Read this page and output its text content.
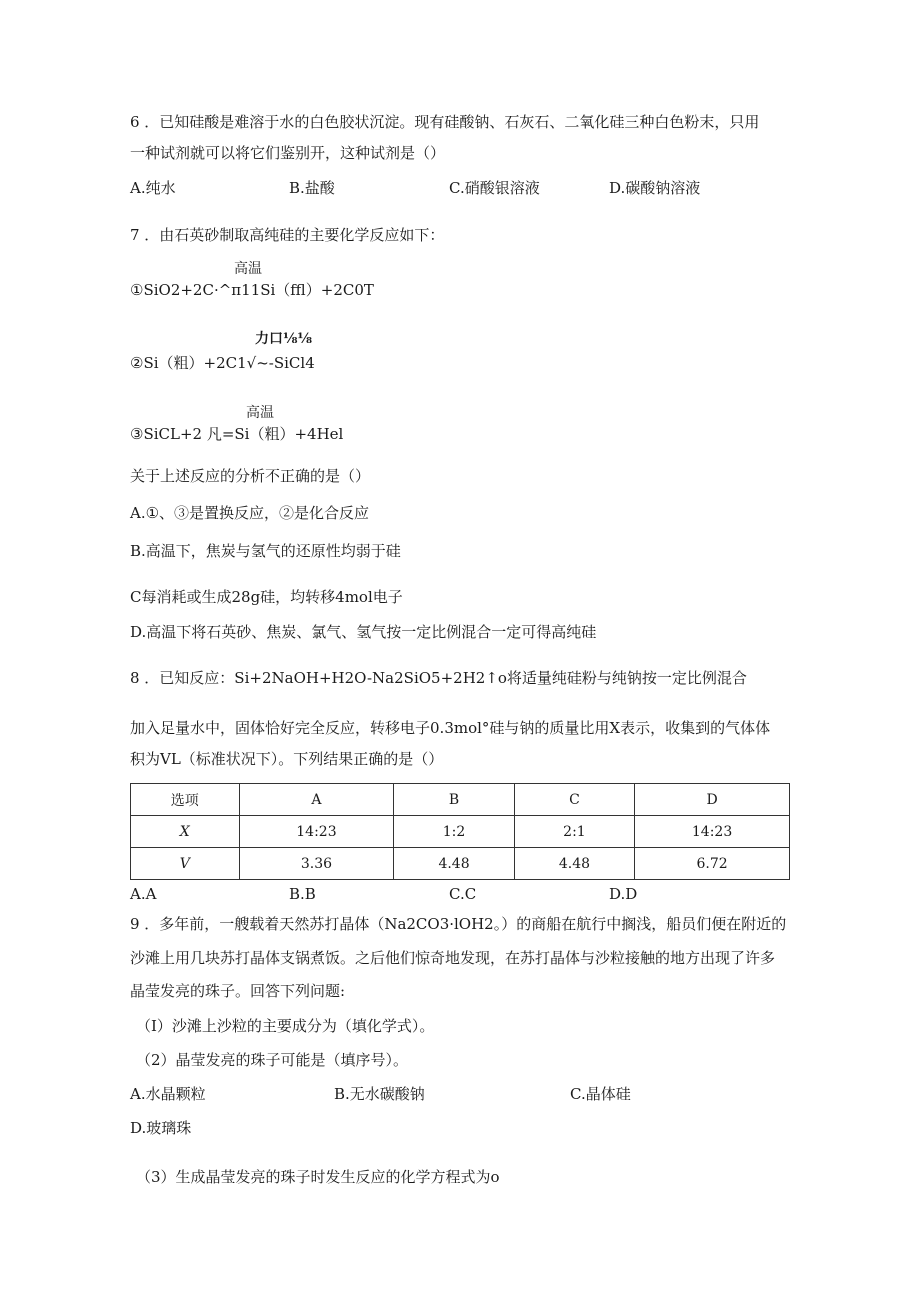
6 ．已知硅酸是难溶于水的白色胶状沉淀。现有硅酸钠、石灰石、二氧化硅三种白色粉末，只用
一种试剂就可以将它们鉴别开，这种试剂是（）
A.纯水	B.盐酸	C.硝酸银溶液	D.碳酸钠溶液
7 ．由石英砂制取高纯硅的主要化学反应如下：
高温
①SiO2+2C·^π11Si（ffl）+2C0T
力口⅛⅛
②Si（粗）+2C1√~-SiCl4
高温
③SiCL+2 凡=Si（粗）+4Hel
关于上述反应的分析不正确的是（）
A.①、③是置换反应，②是化合反应
B.高温下，焦炭与氢气的还原性均弱于硅
C每消耗或生成28g硅，均转移4mol电子
D.高温下将石英砂、焦炭、氯气、氢气按一定比例混合一定可得高纯硅
8 ．已知反应：Si+2NaOH+H2O-Na2SiO5+2H2↑o将适量纯硅粉与纯钠按一定比例混合
加入足量水中，固体恰好完全反应，转移电子0.3mol°硅与钠的质量比用X表示，收集到的气体体
积为VL（标准状况下）。下列结果正确的是（）
选项	A	B	C	D
X	14:23	1:2	2:1	14:23
V	3.36	4.48	4.48	6.72
A.A	B.B	C.C	D.D
9 ．多年前，一艘载着天然苏打晶体（Na2CO3·lOH2。）的商船在航行中搁浅，船员们便在附近的
沙滩上用几块苏打晶体支锅煮饭。之后他们惊奇地发现，在苏打晶体与沙粒接触的地方出现了许多
晶莹发亮的珠子。回答下列问题:
（I）沙滩上沙粒的主要成分为（填化学式）。
（2）晶莹发亮的珠子可能是（填序号）。
A.水晶颗粒	B.无水碳酸钠	C.晶体硅
D.玻璃珠
（3）生成晶莹发亮的珠子时发生反应的化学方程式为o
